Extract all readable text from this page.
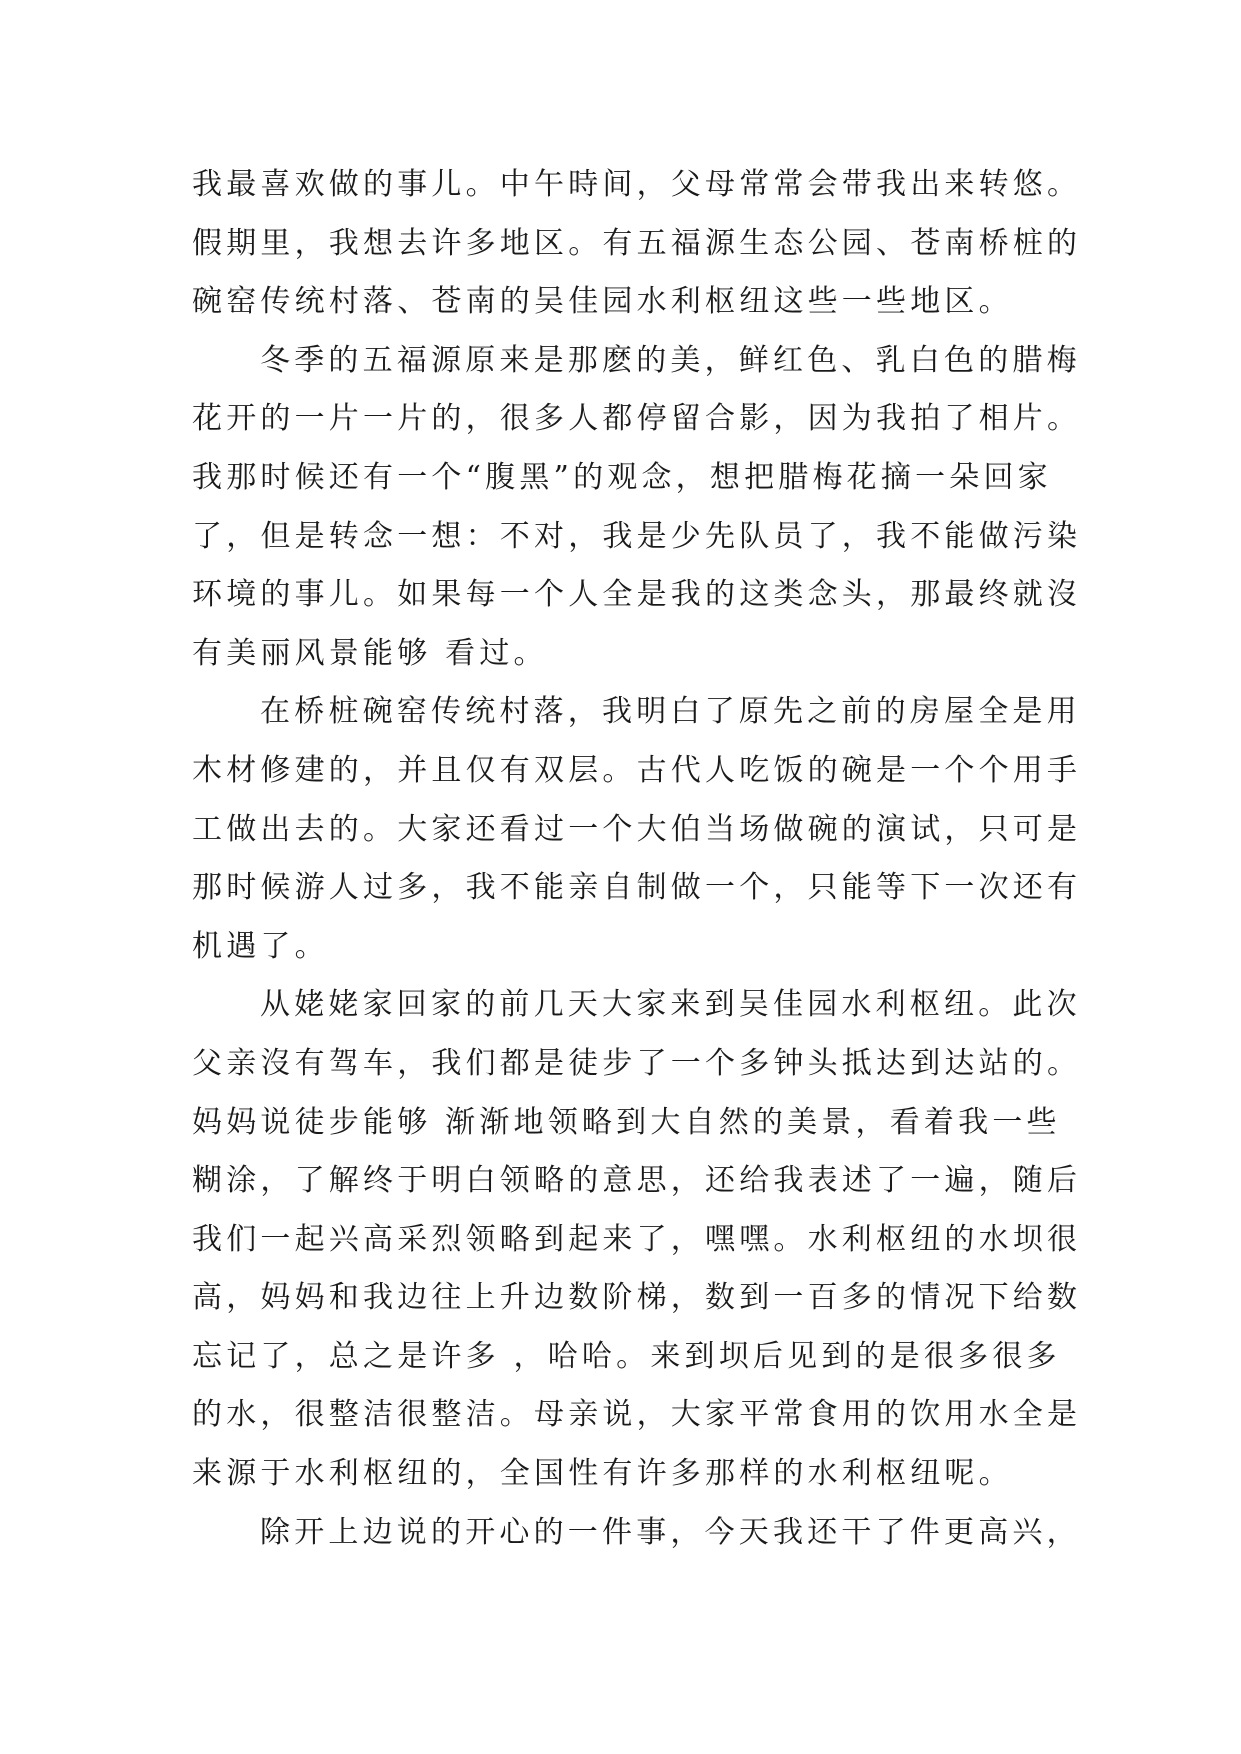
我最喜欢做的事儿。中午時间，父母常常会带我出来转悠。
假期里，我想去许多地区。有五福源生态公园、苍南桥桩的
碗窑传统村落、苍南的吴佳园水利枢纽这些一些地区。
冬季的五福源原来是那麽的美，鲜红色、乳白色的腊梅
花开的一片一片的，很多人都停留合影，因为我拍了相片。
我那时候还有一个“腹黑”的观念，想把腊梅花摘一朵回家
了，但是转念一想：不对，我是少先队员了，我不能做污染
环境的事儿。如果每一个人全是我的这类念头，那最终就沒
有美丽风景能够 看过。
在桥桩碗窑传统村落，我明白了原先之前的房屋全是用
木材修建的，并且仅有双层。古代人吃饭的碗是一个个用手
工做出去的。大家还看过一个大伯当场做碗的演试，只可是
那时候游人过多，我不能亲自制做一个，只能等下一次还有
机遇了。
从姥姥家回家的前几天大家来到吴佳园水利枢纽。此次
父亲沒有驾车，我们都是徒步了一个多钟头抵达到达站的。
妈妈说徒步能够 渐渐地领略到大自然的美景，看着我一些
糊涂，了解终于明白领略的意思，还给我表述了一遍，随后
我们一起兴高采烈领略到起来了，嘿嘿。水利枢纽的水坝很
高，妈妈和我边往上升边数阶梯，数到一百多的情况下给数
忘记了，总之是许多 ，哈哈。来到坝后见到的是很多很多
的水，很整洁很整洁。母亲说，大家平常食用的饮用水全是
来源于水利枢纽的，全国性有许多那样的水利枢纽呢。
除开上边说的开心的一件事，今天我还干了件更高兴，
